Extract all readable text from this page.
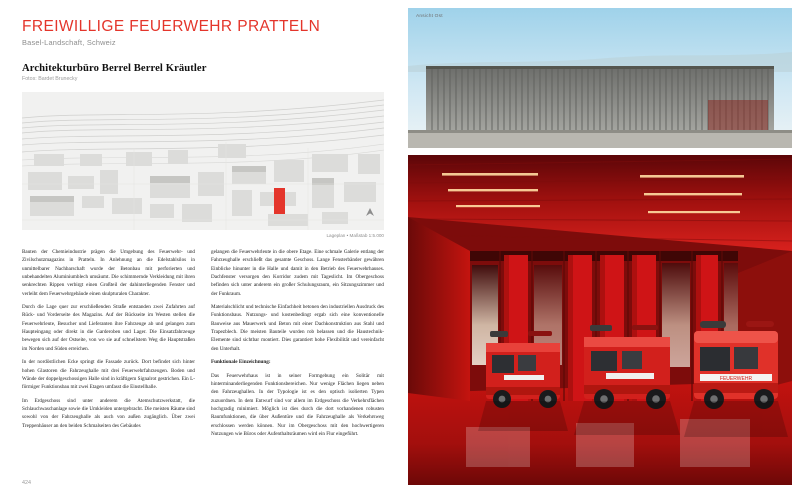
FREIWILLIGE FEUERWEHR PRATTELN

Basel-Landschaft, Schweiz

Architekturbüro Berrel Berrel Kräutler

Fotos: Bardet Brunecky

Lageplan • Maßstab 1:5.000

Bauten der Chemieindustrie prägen die Umgebung des Feuerwehr- und Zivilschutzmagazins in Pratteln. In Anlehnung an die Edelstahlsilos in unmittelbarer Nachbarschaft wurde der Betonbau mit perforierten und unbehandelten Aluminiumblech umsäumt. Die schimmernde Verkleidung mit ihren senkrechten Rippen verbirgt einen Großteil der dahinterliegenden Fenster und verleiht dem Feuerwehrgebäude einen skulpturalen Charakter.

Durch die Lage quer zur erschließenden Straße entstanden zwei Zufahrten auf Rück- und Vorderseite des Magazins. Auf der Rückseite im Westen stellen die Feuerwehrleute, Besucher und Lieferanten ihre Fahrzeuge ab und gelangen zum Haupteingang oder direkt in die Garderoben und Lager. Die Einsatzfahrzeuge bewegen sich auf der Ostseite, von wo sie auf schnellstem Weg die Hauptstraßen im Norden und Süden erreichen.

In der nordöstlichen Ecke springt die Fassade zurück. Dort befindet sich hinter hohen Glastoren die Fahrzeughalle mit drei Feuerwehrfahrzeugen. Boden und Wände der doppelgeschossigen Halle sind in kräftigem Signalrot gestrichen. Ein L-förmiger Funktionsbau mit zwei Etagen umfasst die Einstellhalle.

Im Erdgeschoss sind unter anderem die Atemschutzwerkstatt, die Schlauchwaschanlage sowie die Umkleiden untergebracht. Die meisten Räume sind sowohl von der Fahrzeughalle als auch von außen zugänglich. Über zwei Treppenhäuser an den beiden Schmalseiten des Gebäudes

gelangen die Feuerwehrleute in die obere Etage. Eine schmale Galerie entlang der Fahrzeughalle erschließt das gesamte Geschoss. Lange Fensterbänder gewähren Einblicke hinunter in die Halle und damit in den Betrieb des Feuerwehrhauses. Dachfenster versorgen den Korridor zudem mit Tageslicht. Im Obergeschoss befinden sich unter anderem ein großer Schulungsraum, ein Sitzungszimmer und der Funkraum.

Materialschlicht und technische Einfachheit betonen den industriellen Ausdruck des Funktionsbaus. Nutzungs- und kostenbedingt ergab sich eine konventionelle Bauweise aus Mauerwerk und Beton mit einer Dachkonstruktion aus Stahl und Trapezblech. Die meisten Bauteile wurden rob belassen und die Haustechnik-Elemente sind sichtbar montiert. Dies garantiert hohe Flexibilität und vereinfacht den Unterhalt.

Funktionale Einzeichnung:

Das Feuerwehrhaus ist in seiner Formgebung ein Solitär mit hinterminanderliegenden Funktionsbereichen. Nur wenige Flächen liegen neben den Fahrzeughallen. In der Typologie ist es den optisch isolierten Typen zuzuordnen. In dem Entwurf sind vor allem im Erdgeschoss die Verkehrsflächen hochgradig minimiert. Möglich ist dies durch die dort vorhandenen robusten Raumfunktionen, die über Außentüre und die Fahrzeughalle als Verkehrsweg erschlossen werden können. Nur im Obergeschoss mit den hochwertigeren Nutzungen wie Büros oder Aufenthaltsräumen wird ein Flur eingeführt.

424
Ansicht Ost
FEUERWEHR
